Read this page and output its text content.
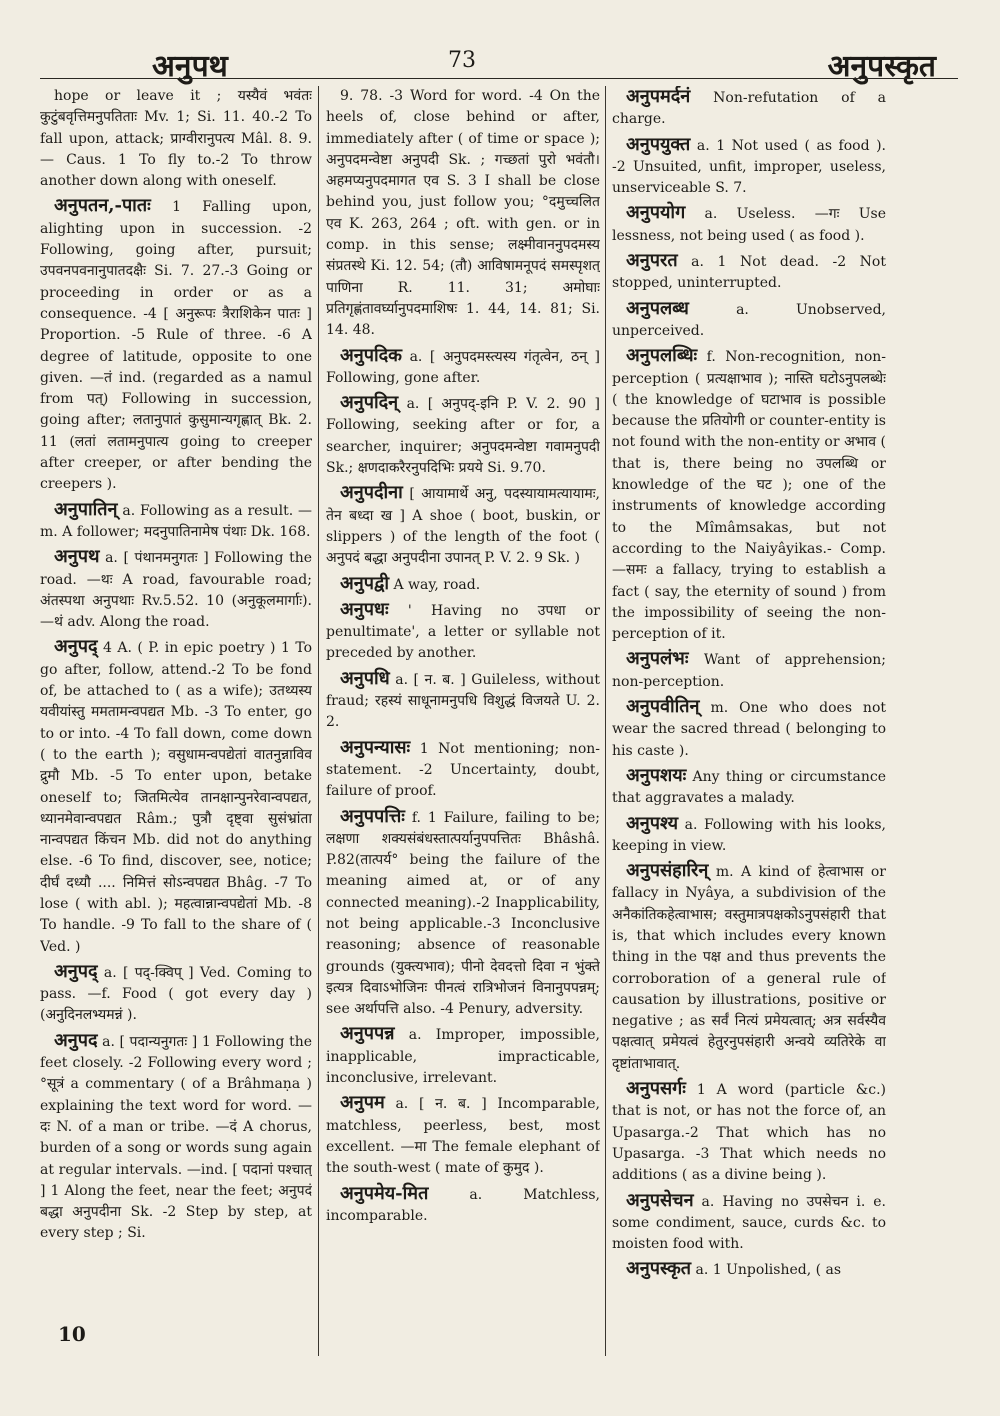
अनुपथ	73	अनुपस्कृत

hope or leave it ; यस्यैवं भवंतः कुटुंबवृत्तिमनुपतिताः Mv. 1; Si. 11. 40.-2 To fall upon, attack; प्राग्वीरानुपत्य Mâl. 8. 9. — Caus. 1 To fly to.-2 To throw another down along with oneself.

अनुपतन,-पातः 1 Falling upon, alighting upon in succession. -2 Following, going after, pursuit; उपवनपवनानुपातदक्षैः Si. 7. 27.-3 Going or proceeding in order or as a consequence. -4 [ अनुरूपः त्रैराशिकेन पातः ] Proportion. -5 Rule of three. -6 A degree of latitude, opposite to one given. —तं ind. (regarded as a namul from पत्) Following in succession, going after; लतानुपातं कुसुमान्यगृह्णात् Bk. 2. 11 (लतां लतामनुपात्य going to creeper after creeper, or after bending the creepers ).

अनुपातिन् a. Following as a result. —m. A follower; मदनुपातिनामेष पंथाः Dk. 168.

अनुपथ a. [ पंथानमनुगतः ] Following the road. —थः A road, favourable road; अंतस्पथा अनुपथाः Rv.5.52. 10 (अनुकूलमार्गाः). —थं adv. Along the road.

अनुपद् 4 A. ( P. in epic poetry ) 1 To go after, follow, attend.-2 To be fond of, be attached to ( as a wife); उतथ्यस्य यवीयांस्तु ममतामन्वपद्यत Mb. -3 To enter, go to or into. -4 To fall down, come down ( to the earth ); वसुधामन्वपद्येतां वातनुन्नाविव द्रुमौ Mb. -5 To enter upon, betake oneself to; जितमित्येव तानक्षान्पुनरेवान्वपद्यत, ध्यानमेवान्वपद्यत Râm.; पुत्रौ दृष्ट्वा सुसंभ्रांता नान्वपद्यत किंचन Mb. did not do anything else. -6 To find, discover, see, notice; दीर्घं दध्यौ .... निमित्तं सोऽन्वपद्यत Bhâg. -7 To lose ( with abl. ); महत्वान्नान्वपद्येतां Mb. -8 To handle. -9 To fall to the share of ( Ved. )

अनुपद् a. [ पद्-क्विप् ] Ved. Coming to pass. —f. Food ( got every day ) (अनुदिनलभ्यमन्नं ).

अनुपद a. [ पदान्यनुगतः ] 1 Following the feet closely. -2 Following every word ; °सूत्रं a commentary ( of a Brâhmaṇa ) explaining the text word for word. —दः N. of a man or tribe. —दं A chorus, burden of a song or words sung again at regular intervals. —ind. [ पदानां पश्चात् ] 1 Along the feet, near the feet; अनुपदं बद्धा अनुपदीना Sk. -2 Step by step, at every step ; Si.

9. 78. -3 Word for word. -4 On the heels of, close behind or after, immediately after ( of time or space ); अनुपदमन्वेष्टा अनुपदी Sk. ; गच्छतां पुरो भवंतौ। अहमप्यनुपदमागत एव S. 3 I shall be close behind you, just follow you; °दमुच्चलित एव K. 263, 264 ; oft. with gen. or in comp. in this sense; लक्ष्मीवाननुपदमस्य संप्रतस्थे Ki. 12. 54; (तौ) आविषामनूपदं समस्पृशत् पाणिना R. 11. 31; अमोघाः प्रतिगृह्णंतावर्घ्यानुपदमाशिषः 1. 44, 14. 81; Si. 14. 48.

अनुपदिक a. [ अनुपदमस्त्यस्य गंतृत्वेन, ठन् ] Following, gone after.

अनुपदिन् a. [ अनुपद्-इनि P. V. 2. 90 ] Following, seeking after or for, a searcher, inquirer; अनुपदमन्वेष्टा गवामनुपदी Sk.; क्षणदाकरैरनुपदिभिः प्रयये Si. 9.70.

अनुपदीना [ आयामार्थे अनु, पदस्यायामत्यायामः, तेन बध्दा ख ] A shoe ( boot, buskin, or slippers ) of the length of the foot ( अनुपदं बद्धा अनुपदीना उपानत् P. V. 2. 9 Sk. )

अनुपद्वी A way, road.

अनुपधः ' Having no उपधा or penultimate', a letter or syllable not preceded by another.

अनुपधि a. [ न. ब. ] Guileless, without fraud; रहस्यं साधूनामनुपधि विशुद्धं विजयते U. 2. 2.

अनुपन्यासः 1 Not mentioning; non-statement. -2 Uncertainty, doubt, failure of proof.

अनुपपत्तिः f. 1 Failure, failing to be; लक्षणा शक्यसंबंधस्तात्पर्यानुपपत्तितः Bhâshâ. P.82(तात्पर्य° being the failure of the meaning aimed at, or of any connected meaning).-2 Inapplicability, not being applicable.-3 Inconclusive reasoning; absence of reasonable grounds (युक्त्यभाव); पीनो देवदत्तो दिवा न भुंक्ते इत्यत्र दिवाऽभोजिनः पीनत्वं रात्रिभोजनं विनानुपपन्नम्; see अर्थापत्ति also. -4 Penury, adversity.

अनुपपन्न a. Improper, impossible, inapplicable, impracticable, inconclusive, irrelevant.

अनुपम a. [ न. ब. ] Incomparable, matchless, peerless, best, most excellent. —मा The female elephant of the south-west ( mate of कुमुद ).

अनुपमेय-मित	a. Matchless, incomparable.

अनुपमर्दनं Non-refutation of a charge.

अनुपयुक्त a. 1 Not used ( as food ). -2 Unsuited, unfit, improper, useless, unserviceable S. 7.

अनुपयोग a. Useless. —गः Use lessness, not being used ( as food ).

अनुपरत a. 1 Not dead. -2 Not stopped, uninterrupted.

अनुपलब्ध	a. Unobserved, unperceived.

अनुपलब्धिः f. Non-recognition, non-perception ( प्रत्यक्षाभाव ); नास्ति घटोऽनुपलब्धेः ( the knowledge of घटाभाव is possible because the प्रतियोगी or counter-entity is not found with the non-entity or अभाव ( that is, there being no उपलब्धि or knowledge of the घट ); one of the instruments of knowledge according to the Mîmâmsakas, but not according to the Naiyâyikas.- Comp. —समः a fallacy, trying to establish a fact ( say, the eternity of sound ) from the impossibility of seeing the non-perception of it.

अनुपलंभः Want of apprehension; non-perception.

अनुपवीतिन् m. One who does not wear the sacred thread ( belonging to his caste ).

अनुपशयः Any thing or circumstance that aggravates a malady.

अनुपश्य a. Following with his looks, keeping in view.

अनुपसंहारिन् m. A kind of हेत्वाभास or fallacy in Nyâya, a subdivision of the अनैकांतिकहेत्वाभास; वस्तुमात्रपक्षकोऽनुपसंहारी that is, that which includes every known thing in the पक्ष and thus prevents the corroboration of a general rule of causation by illustrations, positive or negative ; as सर्वं नित्यं प्रमेयत्वात्; अत्र सर्वस्यैव पक्षत्वात् प्रमेयत्वं हेतुरनुपसंहारी अन्वये व्यतिरेके वा दृष्टांताभावात्.

अनुपसर्गः 1 A word (particle &c.) that is not, or has not the force of, an Upasarga.-2 That which has no Upasarga. -3 That which needs no additions ( as a divine being ).

अनुपसेचन a. Having no उपसेचन i. e. some condiment, sauce, curds &c. to moisten food with.

अनुपस्कृत a. 1 Unpolished, ( as

10
